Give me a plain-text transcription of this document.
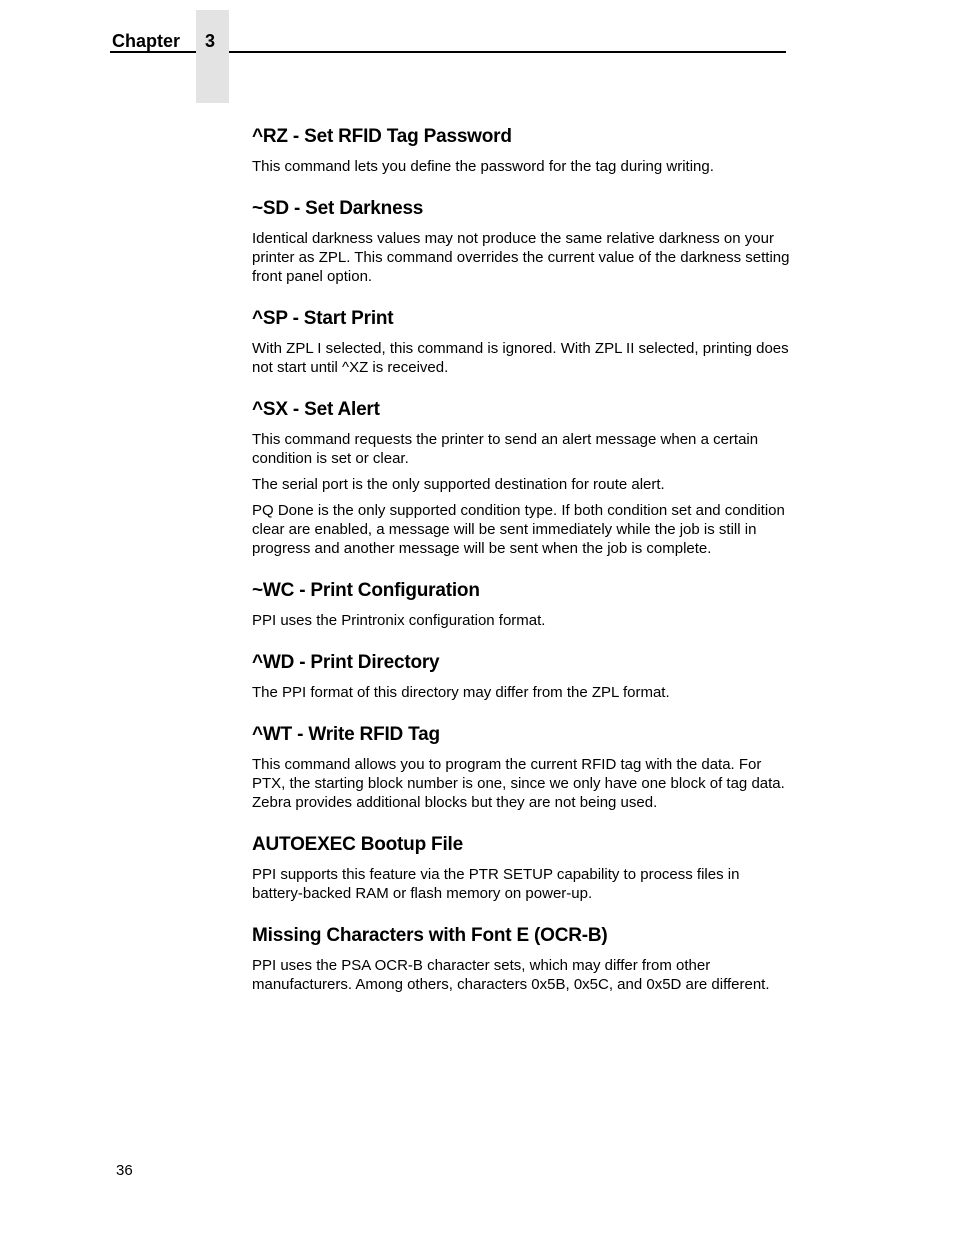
Chapter 3
^RZ - Set RFID Tag Password

This command lets you define the password for the tag during writing.

~SD - Set Darkness

Identical darkness values may not produce the same relative darkness on your printer as ZPL. This command overrides the current value of the darkness setting front panel option.

^SP - Start Print

With ZPL I selected, this command is ignored. With ZPL II selected, printing does not start until ^XZ is received.

^SX - Set Alert

This command requests the printer to send an alert message when a certain condition is set or clear.

The serial port is the only supported destination for route alert.

PQ Done is the only supported condition type. If both condition set and condition clear are enabled, a message will be sent immediately while the job is still in progress and another message will be sent when the job is complete.

~WC - Print Configuration

PPI uses the Printronix configuration format.

^WD - Print Directory

The PPI format of this directory may differ from the ZPL format.

^WT - Write RFID Tag

This command allows you to program the current RFID tag with the data. For PTX, the starting block number is one, since we only have one block of tag data. Zebra provides additional blocks but they are not being used.

AUTOEXEC Bootup File

PPI supports this feature via the PTR SETUP capability to process files in battery-backed RAM or flash memory on power-up.

Missing Characters with Font E (OCR-B)

PPI uses the PSA OCR-B character sets, which may differ from other manufacturers. Among others, characters 0x5B, 0x5C, and 0x5D are different.

36
